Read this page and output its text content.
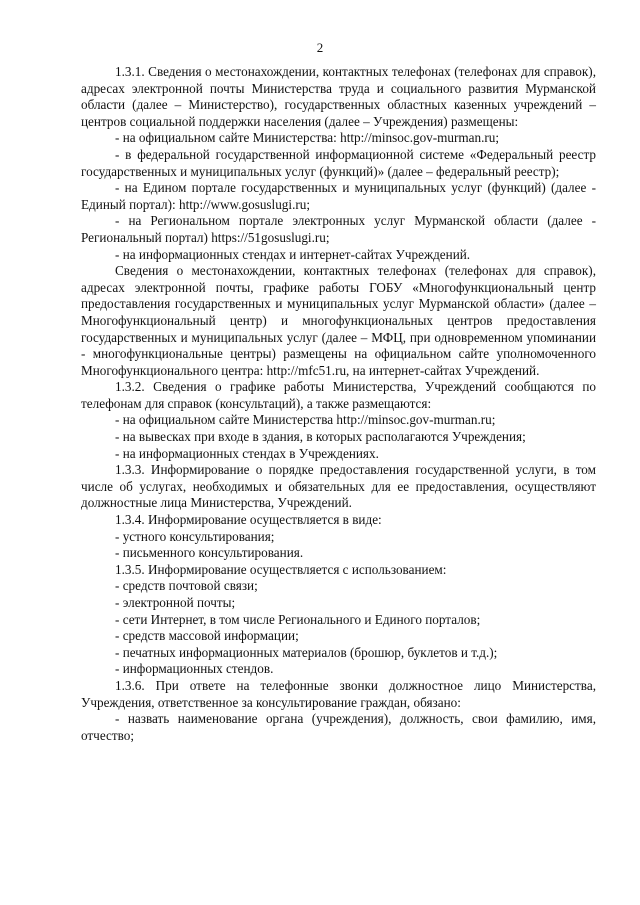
2

1.3.1. Сведения о местонахождении, контактных телефонах (телефонах для справок), адресах электронной почты Министерства труда и социального развития Мурманской области (далее – Министерство), государственных областных казенных учреждений – центров социальной поддержки населения (далее – Учреждения) размещены:

- на официальном сайте Министерства: http://minsoc.gov-murman.ru;

- в федеральной государственной информационной системе «Федеральный реестр государственных и муниципальных услуг (функций)» (далее – федеральный реестр);

- на Едином портале государственных и муниципальных услуг (функций) (далее - Единый портал): http://www.gosuslugi.ru;

- на Региональном портале электронных услуг Мурманской области (далее - Региональный портал) https://51gosuslugi.ru;

- на информационных стендах и интернет-сайтах Учреждений.

Сведения о местонахождении, контактных телефонах (телефонах для справок), адресах электронной почты, графике работы ГОБУ «Многофункциональный центр предоставления государственных и муниципальных услуг Мурманской области» (далее – Многофункциональный центр) и многофункциональных центров предоставления государственных и муниципальных услуг (далее – МФЦ, при одновременном упоминании - многофункциональные центры) размещены на официальном сайте уполномоченного Многофункционального центра: http://mfc51.ru, на интернет-сайтах Учреждений.

1.3.2. Сведения о графике работы Министерства, Учреждений сообщаются по телефонам для справок (консультаций), а также размещаются:

- на официальном сайте Министерства http://minsoc.gov-murman.ru;

- на вывесках при входе в здания, в которых располагаются Учреждения;

- на информационных стендах в Учреждениях.

1.3.3. Информирование о порядке предоставления государственной услуги, в том числе об услугах, необходимых и обязательных для ее предоставления, осуществляют должностные лица Министерства, Учреждений.

1.3.4. Информирование осуществляется в виде:

- устного консультирования;

- письменного консультирования.

1.3.5. Информирование осуществляется с использованием:

- средств почтовой связи;

- электронной почты;

- сети Интернет, в том числе Регионального и Единого порталов;

- средств массовой информации;

- печатных информационных материалов (брошюр, буклетов и т.д.);

- информационных стендов.

1.3.6. При ответе на телефонные звонки должностное лицо Министерства, Учреждения, ответственное за консультирование граждан, обязано:

- назвать наименование органа (учреждения), должность, свои фамилию, имя, отчество;
